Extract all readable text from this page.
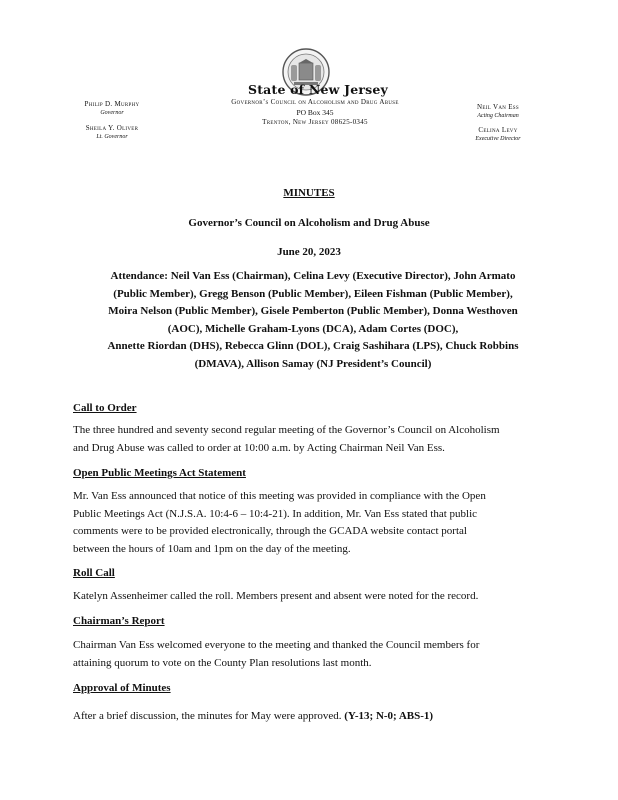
State of New Jersey
Governor’s Council on Alcoholism and Drug Abuse
PO Box 345
Trenton, New Jersey 08625-0345
Philip D. Murphy
Governor
Sheila Y. Oliver
Lt. Governor
Neil Van Ess
Acting Chairman
Celina Levy
Executive Director
MINUTES
Governor’s Council on Alcoholism and Drug Abuse
June 20, 2023
Attendance: Neil Van Ess (Chairman), Celina Levy (Executive Director), John Armato
(Public Member), Gregg Benson (Public Member), Eileen Fishman (Public Member),
Moira Nelson (Public Member), Gisele Pemberton (Public Member), Donna Westhoven
(AOC), Michelle Graham-Lyons (DCA), Adam Cortes (DOC),
Annette Riordan (DHS), Rebecca Glinn (DOL), Craig Sashihara (LPS), Chuck Robbins
(DMAVA), Allison Samay (NJ President’s Council)
Call to Order
The three hundred and seventy second regular meeting of the Governor’s Council on Alcoholism
and Drug Abuse was called to order at 10:00 a.m. by Acting Chairman Neil Van Ess.
Open Public Meetings Act Statement
Mr. Van Ess announced that notice of this meeting was provided in compliance with the Open
Public Meetings Act (N.J.S.A. 10:4-6 – 10:4-21). In addition, Mr. Van Ess stated that public
comments were to be provided electronically, through the GCADA website contact portal
between the hours of 10am and 1pm on the day of the meeting.
Roll Call
Katelyn Assenheimer called the roll. Members present and absent were noted for the record.
Chairman’s Report
Chairman Van Ess welcomed everyone to the meeting and thanked the Council members for
attaining quorum to vote on the County Plan resolutions last month.
Approval of Minutes
After a brief discussion, the minutes for May were approved. (Y-13; N-0; ABS-1)
